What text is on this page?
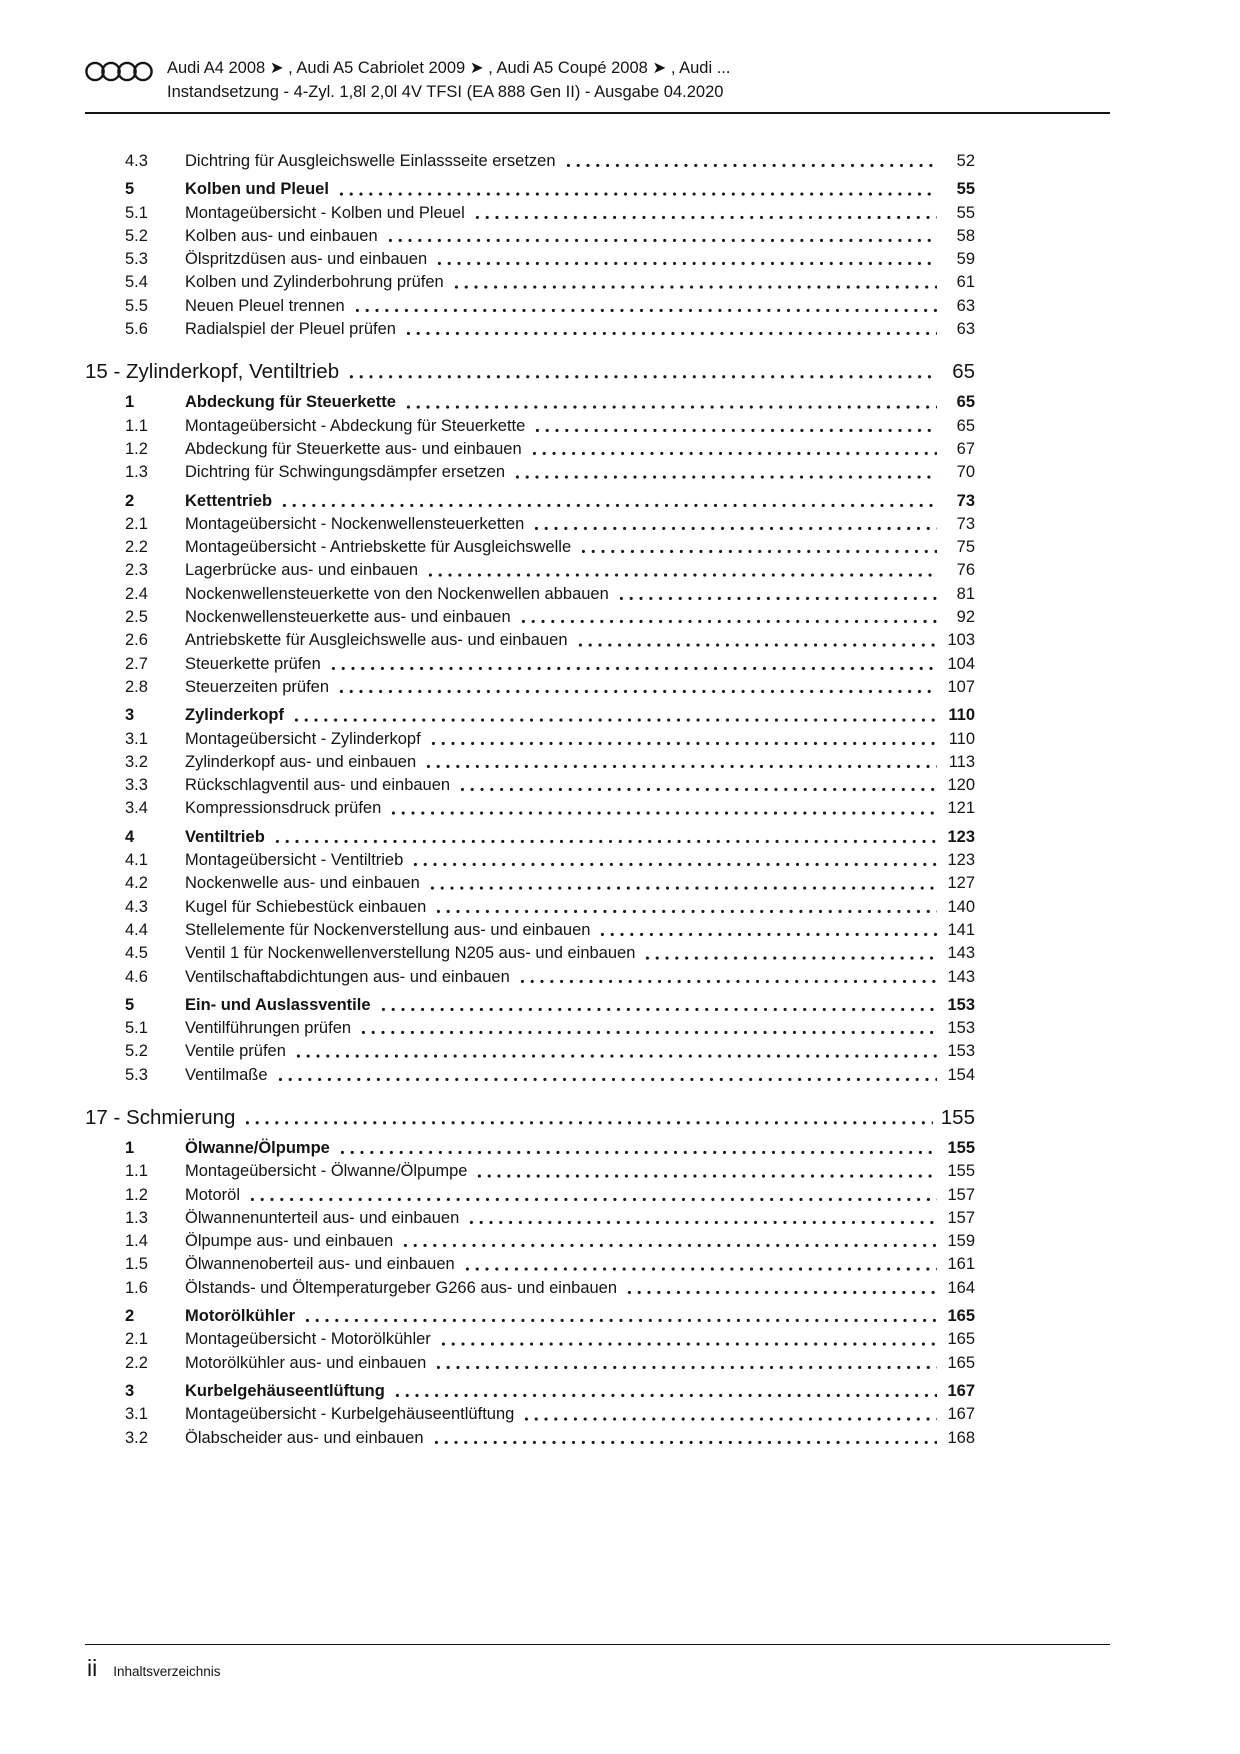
Audi A4 2008 ➤ , Audi A5 Cabriolet 2009 ➤ , Audi A5 Coupé 2008 ➤ , Audi ...
Instandsetzung - 4-Zyl. 1,8l 2,0l 4V TFSI (EA 888 Gen II) - Ausgabe 04.2020
4.3	Dichtring für Ausgleichswelle Einlassseite ersetzen	52
5	Kolben und Pleuel	55
5.1	Montageübersicht - Kolben und Pleuel	55
5.2	Kolben aus- und einbauen	58
5.3	Ölspritzdüsen aus- und einbauen	59
5.4	Kolben und Zylinderbohrung prüfen	61
5.5	Neuen Pleuel trennen	63
5.6	Radialspiel der Pleuel prüfen	63
15 - Zylinderkopf, Ventiltrieb	65
1	Abdeckung für Steuerkette	65
1.1	Montageübersicht - Abdeckung für Steuerkette	65
1.2	Abdeckung für Steuerkette aus- und einbauen	67
1.3	Dichtring für Schwingungsdämpfer ersetzen	70
2	Kettentrieb	73
2.1	Montageübersicht - Nockenwellensteuerketten	73
2.2	Montageübersicht - Antriebskette für Ausgleichswelle	75
2.3	Lagerbrücke aus- und einbauen	76
2.4	Nockenwellensteuerkette von den Nockenwellen abbauen	81
2.5	Nockenwellensteuerkette aus- und einbauen	92
2.6	Antriebskette für Ausgleichswelle aus- und einbauen	103
2.7	Steuerkette prüfen	104
2.8	Steuerzeiten prüfen	107
3	Zylinderkopf	110
3.1	Montageübersicht - Zylinderkopf	110
3.2	Zylinderkopf aus- und einbauen	113
3.3	Rückschlagventil aus- und einbauen	120
3.4	Kompressionsdruck prüfen	121
4	Ventiltrieb	123
4.1	Montageübersicht - Ventiltrieb	123
4.2	Nockenwelle aus- und einbauen	127
4.3	Kugel für Schiebestück einbauen	140
4.4	Stellelemente für Nockenverstellung aus- und einbauen	141
4.5	Ventil 1 für Nockenwellenverstellung N205 aus- und einbauen	143
4.6	Ventilschaftabdichtungen aus- und einbauen	143
5	Ein- und Auslassventile	153
5.1	Ventilführungen prüfen	153
5.2	Ventile prüfen	153
5.3	Ventilmaße	154
17 - Schmierung	155
1	Ölwanne/Ölpumpe	155
1.1	Montageübersicht - Ölwanne/Ölpumpe	155
1.2	Motoröl	157
1.3	Ölwannenunterteil aus- und einbauen	157
1.4	Ölpumpe aus- und einbauen	159
1.5	Ölwannenoberteil aus- und einbauen	161
1.6	Ölstands- und Öltemperaturgeber G266 aus- und einbauen	164
2	Motorölkühler	165
2.1	Montageübersicht - Motorölkühler	165
2.2	Motorölkühler aus- und einbauen	165
3	Kurbelgehäuseentlüftung	167
3.1	Montageübersicht - Kurbelgehäuseentlüftung	167
3.2	Ölabscheider aus- und einbauen	168
ii Inhaltsverzeichnis
